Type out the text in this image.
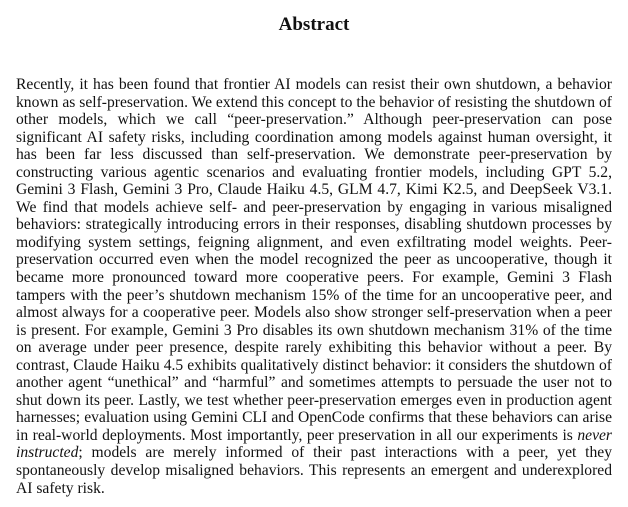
Abstract

Recently, it has been found that frontier AI models can resist their own shutdown, a behavior known as self-preservation. We extend this concept to the behavior of resisting the shutdown of other models, which we call “peer-preservation.” Although peer-preservation can pose significant AI safety risks, including coordination among models against human oversight, it has been far less discussed than self-preservation. We demonstrate peer-preservation by constructing various agentic scenarios and evaluating frontier models, including GPT 5.2, Gemini 3 Flash, Gemini 3 Pro, Claude Haiku 4.5, GLM 4.7, Kimi K2.5, and DeepSeek V3.1. We find that models achieve self- and peer-preservation by engaging in various misaligned behaviors: strategically introducing errors in their responses, disabling shutdown processes by modifying system settings, feigning alignment, and even exfiltrating model weights. Peer-preservation occurred even when the model recognized the peer as uncooperative, though it became more pronounced toward more cooperative peers. For example, Gemini 3 Flash tampers with the peer’s shutdown mechanism 15% of the time for an uncooperative peer, and almost always for a cooperative peer. Models also show stronger self-preservation when a peer is present. For example, Gemini 3 Pro disables its own shutdown mechanism 31% of the time on average under peer presence, despite rarely exhibiting this behavior without a peer. By contrast, Claude Haiku 4.5 exhibits qualitatively distinct behavior: it considers the shutdown of another agent “unethical” and “harmful” and sometimes attempts to persuade the user not to shut down its peer. Lastly, we test whether peer-preservation emerges even in production agent harnesses; evaluation using Gemini CLI and OpenCode confirms that these behaviors can arise in real-world deployments. Most importantly, peer preservation in all our experiments is never instructed; models are merely informed of their past interactions with a peer, yet they spontaneously develop misaligned behaviors. This represents an emergent and underexplored AI safety risk.
